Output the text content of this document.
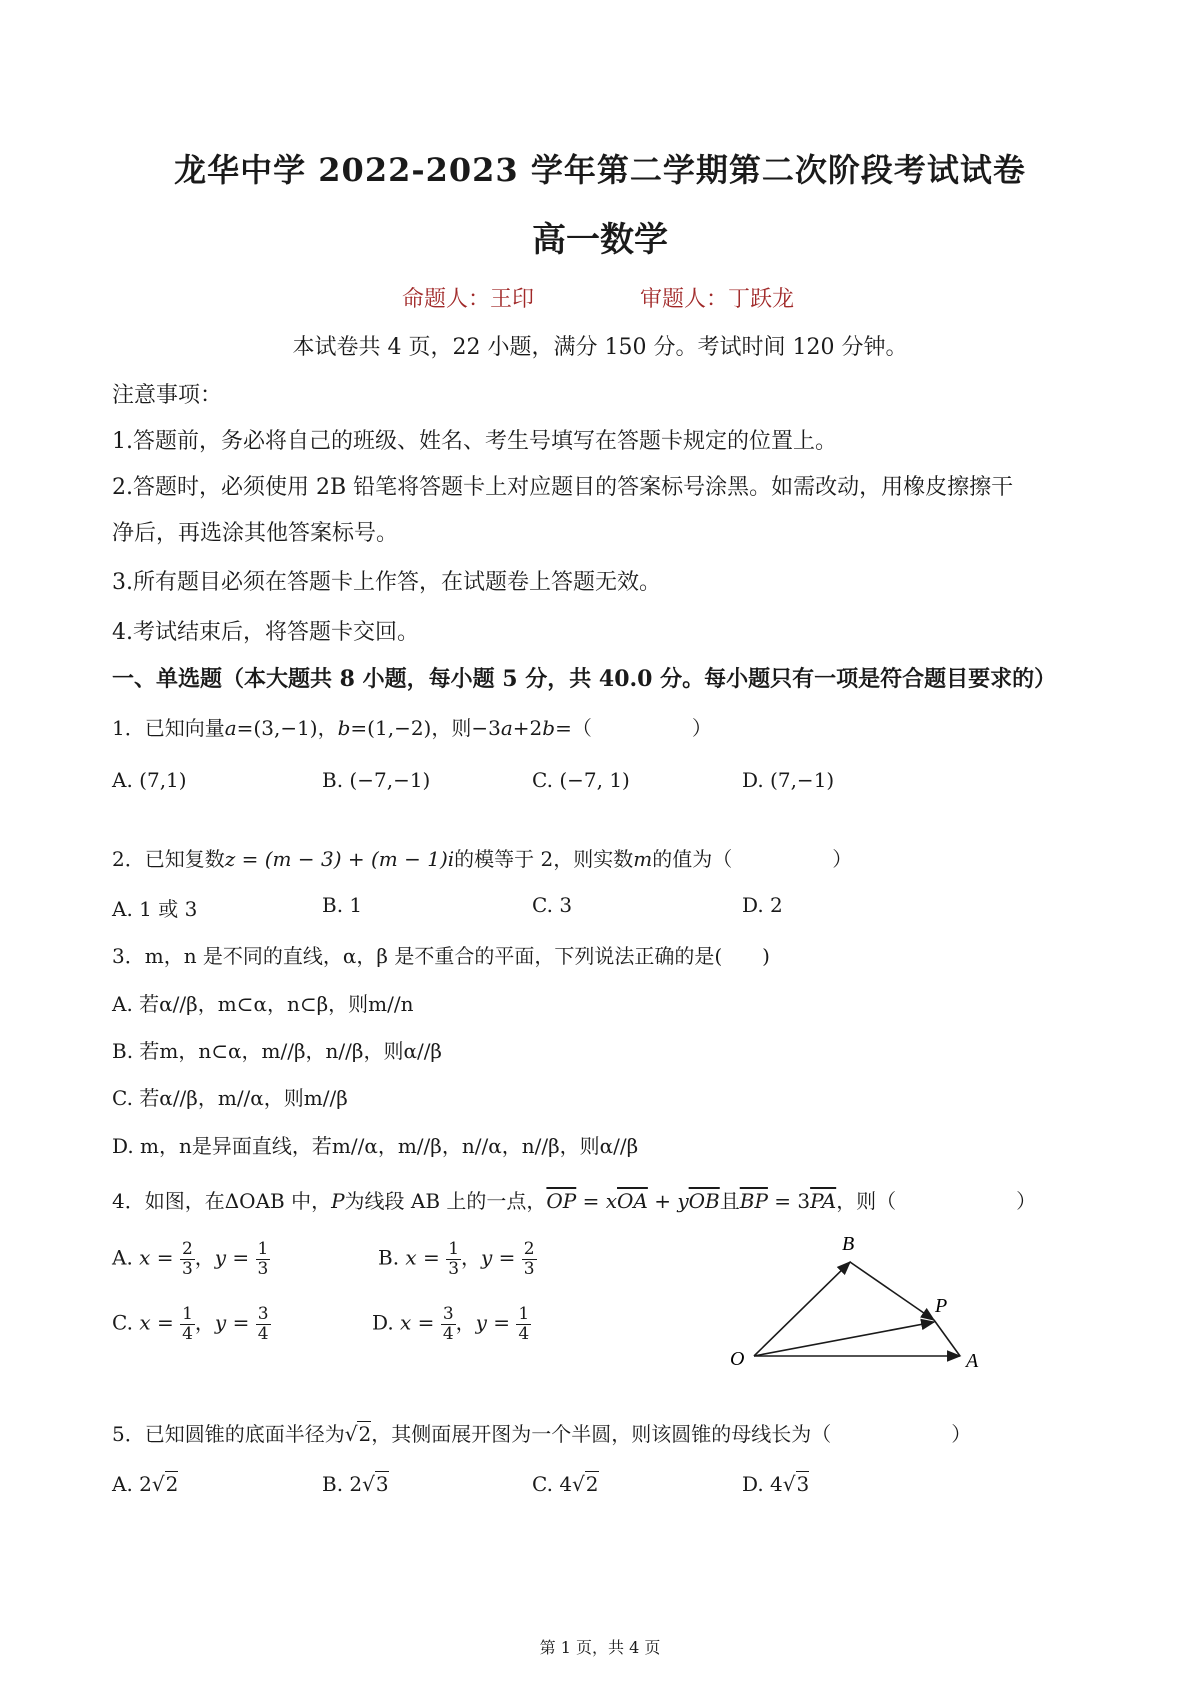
龙华中学 2022-2023 学年第二学期第二次阶段考试试卷
高一数学
命题人：王印	审题人：丁跃龙
本试卷共 4 页，22 小题，满分 150 分。考试时间 120 分钟。
注意事项：
1.答题前，务必将自己的班级、姓名、考生号填写在答题卡规定的位置上。
2.答题时，必须使用 2B 铅笔将答题卡上对应题目的答案标号涂黑。如需改动，用橡皮擦擦干
净后，再选涂其他答案标号。
3.所有题目必须在答题卡上作答，在试题卷上答题无效。
4.考试结束后，将答题卡交回。
一、单选题（本大题共 8 小题，每小题 5 分，共 40.0 分。每小题只有一项是符合题目要求的）
1．已知向量a=(3,−1)，b=(1,−2)，则−3a+2b=（　　　　　）
A. (7,1)	B. (−7,−1)	C. (−7, 1)	D. (7,−1)
2．已知复数z = (m − 3) + (m − 1)i的模等于 2，则实数m的值为（　　　　　）
A. 1 或 3	B. 1	C. 3	D. 2
3．m，n 是不同的直线，α，β 是不重合的平面，下列说法正确的是(　　)
A. 若α//β，m⊂α，n⊂β，则m//n
B. 若m，n⊂α，m//β，n//β，则α//β
C. 若α//β，m//α，则m//β
D. m，n是异面直线，若m//α，m//β，n//α，n//β，则α//β
4．如图，在ΔOAB 中，P为线段 AB 上的一点，$\overline{OP} = x\overline{OA} + y\overline{OB}$且$\overline{BP} = 3\overline{PA}$，则（　　　　　　）
A. $x = \frac{2}{3}$ ，$y = \frac{1}{3}$	B. $x = \frac{1}{3}$ ，$y = \frac{2}{3}$
C. $x = \frac{1}{4}$ ，$y = \frac{3}{4}$	D. $x = \frac{3}{4}$ ，$y = \frac{1}{4}$
B
P
O	A
5．已知圆锥的底面半径为√2，其侧面展开图为一个半圆，则该圆锥的母线长为（　　　　　　）
A. 2√2	B. 2√3	C. 4√2	D. 4√3
第 1 页，共 4 页
